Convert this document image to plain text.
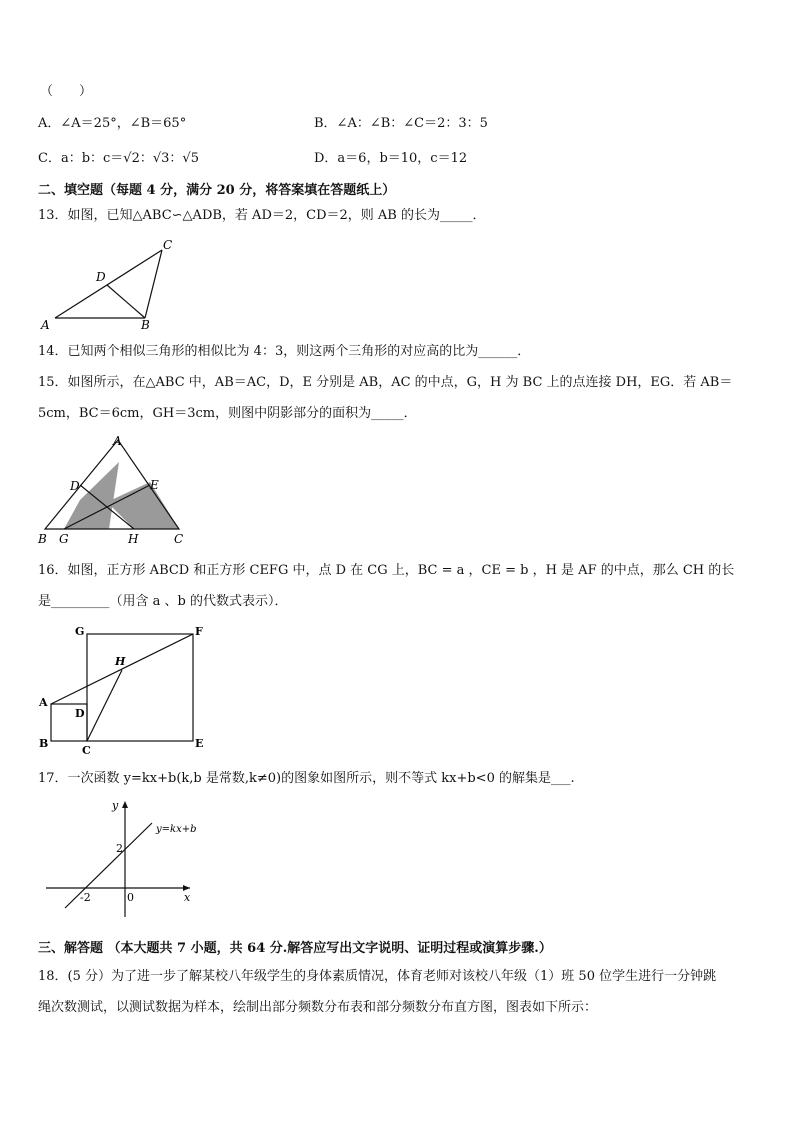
（　　）
A．∠A＝25°，∠B＝65°	B．∠A：∠B：∠C＝2：3：5
C．a：b：c＝√2：√3：√5	D．a＝6，b＝10，c＝12
二、填空题（每题 4 分，满分 20 分，将答案填在答题纸上）
13．如图，已知△ABC∽△ADB，若 AD＝2，CD＝2，则 AB 的长为_____．
A	B
C
D
14．已知两个相似三角形的相似比为 4：3，则这两个三角形的对应高的比为______．
15．如图所示，在△ABC 中，AB＝AC，D，E 分别是 AB，AC 的中点，G，H 为 BC 上的点连接 DH，EG．若 AB＝
5cm，BC＝6cm，GH＝3cm，则图中阴影部分的面积为_____．
A
B	C
D	E
G	H
16．如图，正方形 ABCD 和正方形 CEFG 中，点 D 在 CG 上，BC = a ，CE = b ，H 是 AF 的中点，那么 CH 的长
是_________（用含 a 、b 的代数式表示）．
G	F
H
A
D
B
C
E
17．一次函数 y=kx+b(k,b 是常数,k≠0)的图象如图所示，则不等式 kx+b<0 的解集是___.
y
x
0
2
-2
y=kx+b
三、解答题 （本大题共 7 小题，共 64 分.解答应写出文字说明、证明过程或演算步骤.）
18．(5 分）为了进一步了解某校八年级学生的身体素质情况，体育老师对该校八年级（1）班 50 位学生进行一分钟跳
绳次数测试，以测试数据为样本，绘制出部分频数分布表和部分频数分布直方图，图表如下所示：
